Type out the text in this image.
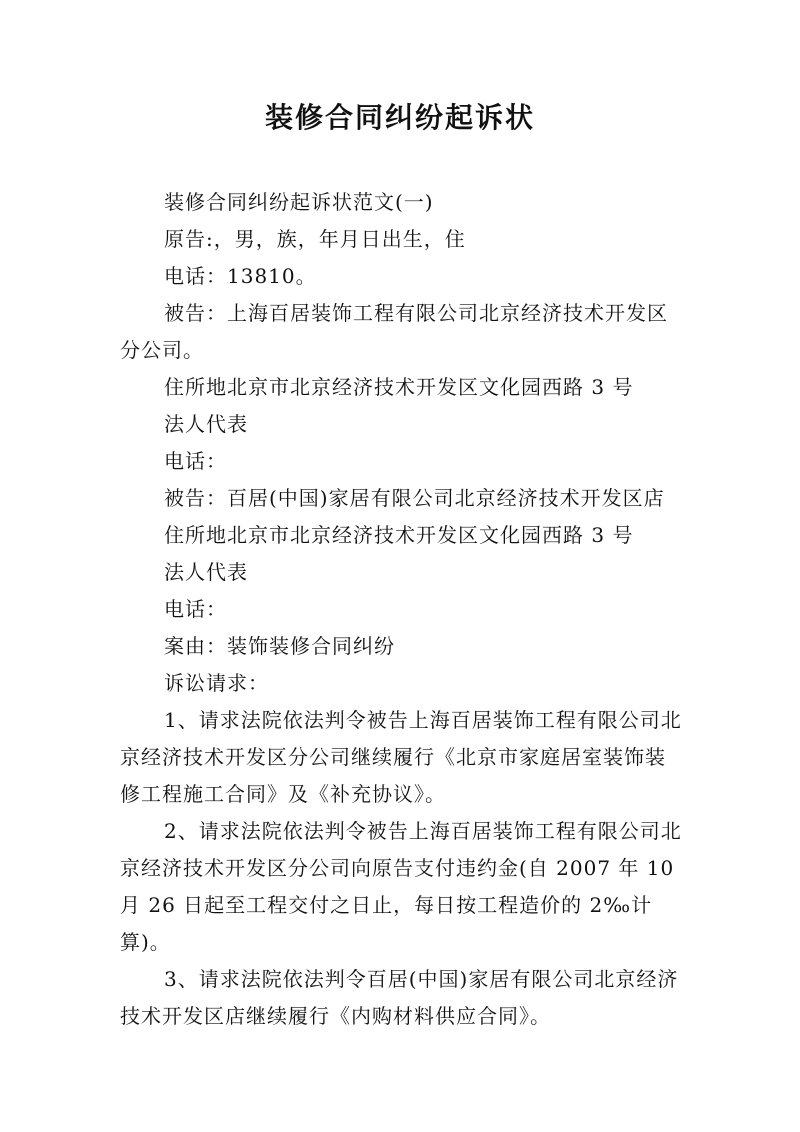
装修合同纠纷起诉状

装修合同纠纷起诉状范文(一)

原告:，男，族，年月日出生，住

电话：13810。

被告：上海百居装饰工程有限公司北京经济技术开发区分公司。

住所地北京市北京经济技术开发区文化园西路 3 号

法人代表

电话：

被告：百居(中国)家居有限公司北京经济技术开发区店

住所地北京市北京经济技术开发区文化园西路 3 号

法人代表

电话：

案由：装饰装修合同纠纷

诉讼请求：

1、请求法院依法判令被告上海百居装饰工程有限公司北京经济技术开发区分公司继续履行《北京市家庭居室装饰装修工程施工合同》及《补充协议》。

2、请求法院依法判令被告上海百居装饰工程有限公司北京经济技术开发区分公司向原告支付违约金(自 2007 年 10 月 26 日起至工程交付之日止，每日按工程造价的 2‰计算)。

3、请求法院依法判令百居(中国)家居有限公司北京经济技术开发区店继续履行《内购材料供应合同》。
